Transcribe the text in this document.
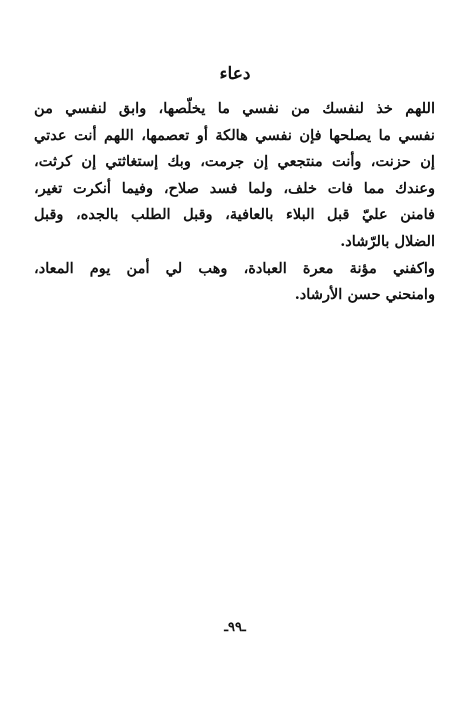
دعاء

اللهم خذ لنفسك من نفسي ما يخلّصها، وابق لنفسي من
نفسي ما يصلحها فإن نفسي هالكة أو تعصمها، اللهم أنت عدتي
إن حزنت، وأنت منتجعي إن جرمت، وبك إستغاثتي إن كرثت،
وعندك مما فات خلف، ولما فسد صلاح، وفيما أنكرت تغير،
فامنن عليّ قبل البلاء بالعافية، وقبل الطلب بالجده، وقبل
الضلال بالرّشاد.

واكفني مؤنة معرة العبادة، وهب لي أمن يوم المعاد،
وامنحني حسن الأرشاد.

ـ٩٩ـ
